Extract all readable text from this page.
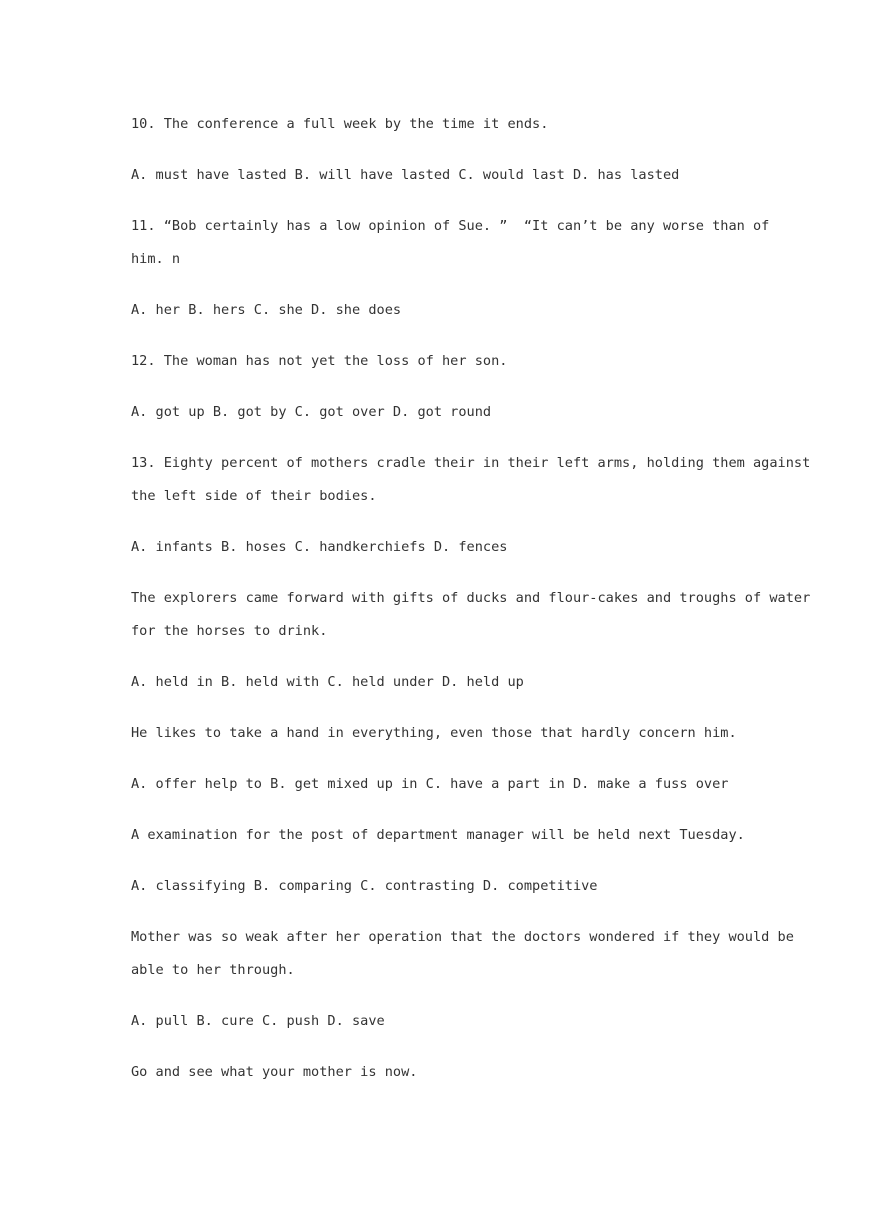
10. The conference a full week by the time it ends.

A. must have lasted B. will have lasted C. would last D. has lasted

11. “Bob certainly has a low opinion of Sue. ”  “It can’t be any worse than of

him. n

A. her B. hers C. she D. she does

12. The woman has not yet the loss of her son.

A. got up B. got by C. got over D. got round

13. Eighty percent of mothers cradle their in their left arms, holding them against

the left side of their bodies.

A. infants B. hoses C. handkerchiefs D. fences

The explorers came forward with gifts of ducks and flour-cakes and troughs of water

for the horses to drink.

A. held in B. held with C. held under D. held up

He likes to take a hand in everything, even those that hardly concern him.

A. offer help to B. get mixed up in C. have a part in D. make a fuss over

A examination for the post of department manager will be held next Tuesday.

A. classifying B. comparing C. contrasting D. competitive

Mother was so weak after her operation that the doctors wondered if they would be

able to her through.

A. pull B. cure C. push D. save

Go and see what your mother is now.
